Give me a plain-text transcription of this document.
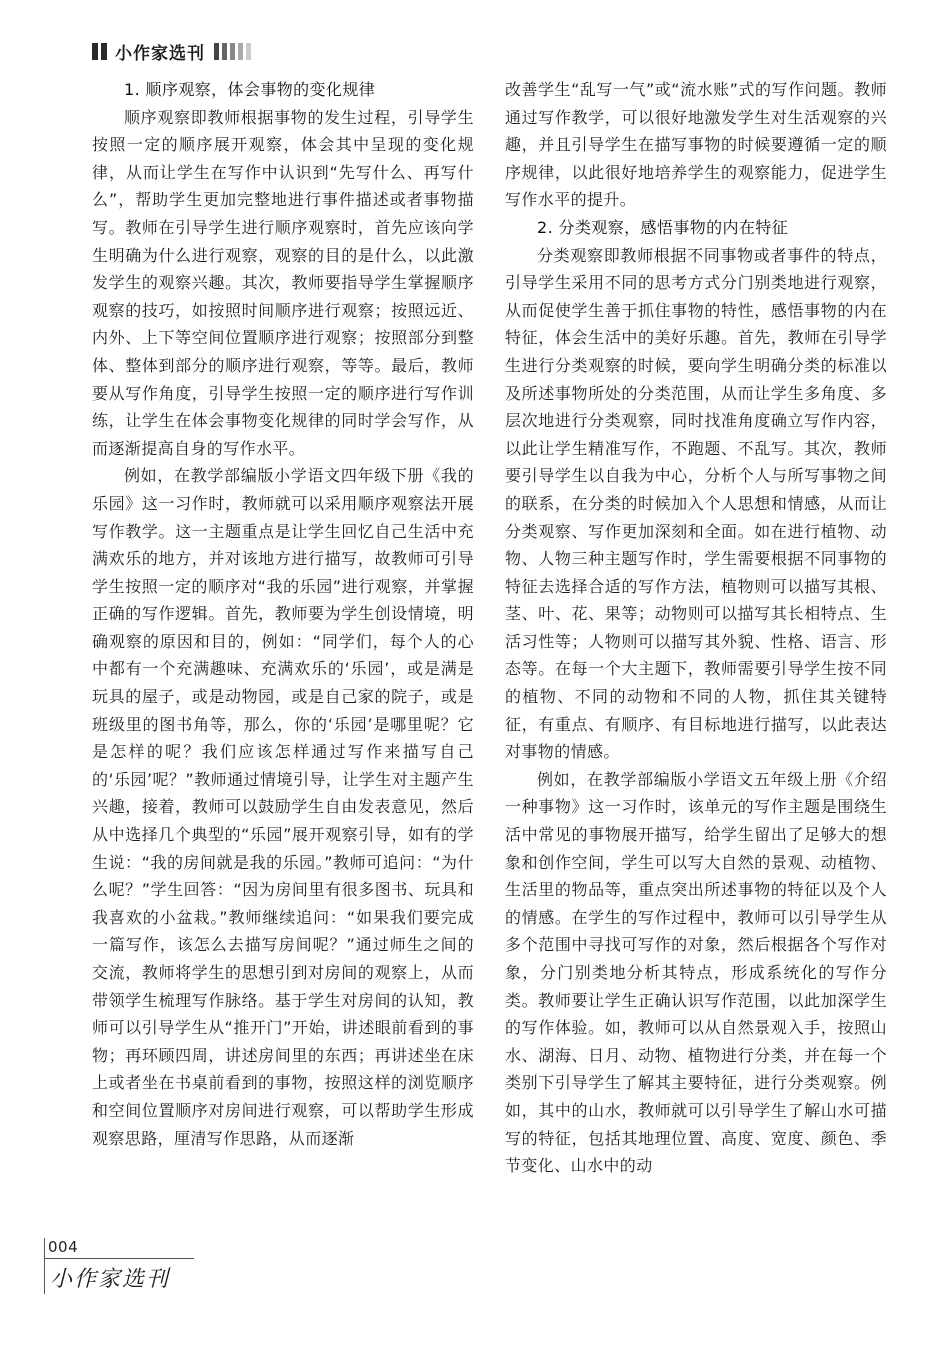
小作家选刊
1. 顺序观察，体会事物的变化规律

顺序观察即教师根据事物的发生过程，引导学生按照一定的顺序展开观察，体会其中呈现的变化规律，从而让学生在写作中认识到“先写什么、再写什么”，帮助学生更加完整地进行事件描述或者事物描写。教师在引导学生进行顺序观察时，首先应该向学生明确为什么进行观察，观察的目的是什么，以此激发学生的观察兴趣。其次，教师要指导学生掌握顺序观察的技巧，如按照时间顺序进行观察；按照远近、内外、上下等空间位置顺序进行观察；按照部分到整体、整体到部分的顺序进行观察，等等。最后，教师要从写作角度，引导学生按照一定的顺序进行写作训练，让学生在体会事物变化规律的同时学会写作，从而逐渐提高自身的写作水平。

例如，在教学部编版小学语文四年级下册《我的乐园》这一习作时，教师就可以采用顺序观察法开展写作教学。这一主题重点是让学生回忆自己生活中充满欢乐的地方，并对该地方进行描写，故教师可引导学生按照一定的顺序对“我的乐园”进行观察，并掌握正确的写作逻辑。首先，教师要为学生创设情境，明确观察的原因和目的，例如：“同学们，每个人的心中都有一个充满趣味、充满欢乐的‘乐园’，或是满是玩具的屋子，或是动物园，或是自己家的院子，或是班级里的图书角等，那么，你的‘乐园’是哪里呢？它是怎样的呢？我们应该怎样通过写作来描写自己的‘乐园’呢？”教师通过情境引导，让学生对主题产生兴趣，接着，教师可以鼓励学生自由发表意见，然后从中选择几个典型的“乐园”展开观察引导，如有的学生说：“我的房间就是我的乐园。”教师可追问：“为什么呢？”学生回答：“因为房间里有很多图书、玩具和我喜欢的小盆栽。”教师继续追问：“如果我们要完成一篇写作，该怎么去描写房间呢？”通过师生之间的交流，教师将学生的思想引到对房间的观察上，从而带领学生梳理写作脉络。基于学生对房间的认知，教师可以引导学生从“推开门”开始，讲述眼前看到的事物；再环顾四周，讲述房间里的东西；再讲述坐在床上或者坐在书桌前看到的事物，按照这样的浏览顺序和空间位置顺序对房间进行观察，可以帮助学生形成观察思路，厘清写作思路，从而逐渐

改善学生“乱写一气”或“流水账”式的写作问题。教师通过写作教学，可以很好地激发学生对生活观察的兴趣，并且引导学生在描写事物的时候要遵循一定的顺序规律，以此很好地培养学生的观察能力，促进学生写作水平的提升。

2. 分类观察，感悟事物的内在特征

分类观察即教师根据不同事物或者事件的特点，引导学生采用不同的思考方式分门别类地进行观察，从而促使学生善于抓住事物的特性，感悟事物的内在特征，体会生活中的美好乐趣。首先，教师在引导学生进行分类观察的时候，要向学生明确分类的标准以及所述事物所处的分类范围，从而让学生多角度、多层次地进行分类观察，同时找准角度确立写作内容，以此让学生精准写作，不跑题、不乱写。其次，教师要引导学生以自我为中心，分析个人与所写事物之间的联系，在分类的时候加入个人思想和情感，从而让分类观察、写作更加深刻和全面。如在进行植物、动物、人物三种主题写作时，学生需要根据不同事物的特征去选择合适的写作方法，植物则可以描写其根、茎、叶、花、果等；动物则可以描写其长相特点、生活习性等；人物则可以描写其外貌、性格、语言、形态等。在每一个大主题下，教师需要引导学生按不同的植物、不同的动物和不同的人物，抓住其关键特征，有重点、有顺序、有目标地进行描写，以此表达对事物的情感。

例如，在教学部编版小学语文五年级上册《介绍一种事物》这一习作时，该单元的写作主题是围绕生活中常见的事物展开描写，给学生留出了足够大的想象和创作空间，学生可以写大自然的景观、动植物、生活里的物品等，重点突出所述事物的特征以及个人的情感。在学生的写作过程中，教师可以引导学生从多个范围中寻找可写作的对象，然后根据各个写作对象，分门别类地分析其特点，形成系统化的写作分类。教师要让学生正确认识写作范围，以此加深学生的写作体验。如，教师可以从自然景观入手，按照山水、湖海、日月、动物、植物进行分类，并在每一个类别下引导学生了解其主要特征，进行分类观察。例如，其中的山水，教师就可以引导学生了解山水可描写的特征，包括其地理位置、高度、宽度、颜色、季节变化、山水中的动

004
小作家选刊
